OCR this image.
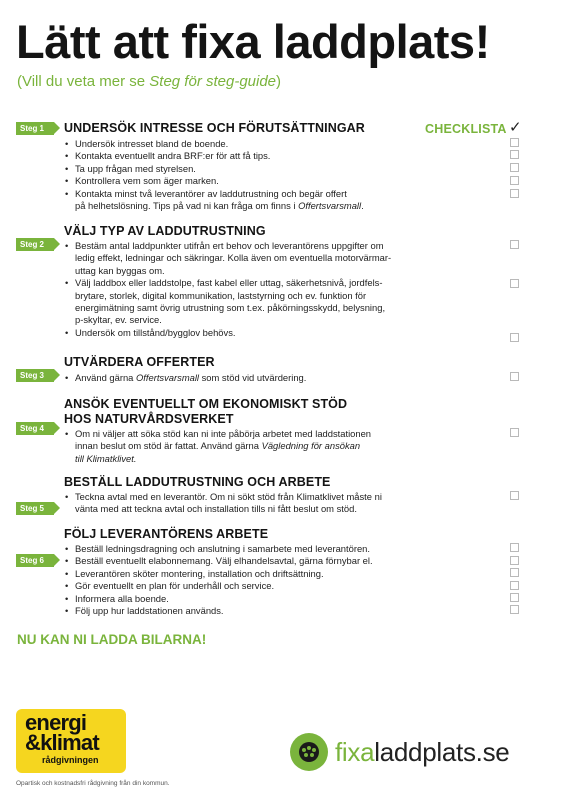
Lätt att fixa laddplats!
(Vill du veta mer se Steg för steg-guide)
CHECKLISTA ✓
Steg 1	UNDERSÖK INTRESSE OCH FÖRUTSÄTTNINGAR
• Undersök intresset bland de boende.
• Kontakta eventuellt andra BRF:er för att få tips.
• Ta upp frågan med styrelsen.
• Kontrollera vem som äger marken.
• Kontakta minst två leverantörer av laddutrustning och begär offert
på helhetslösning. Tips på vad ni kan fråga om finns i Offertsvarsmall.
Steg 2
VÄLJ TYP AV LADDUTRUSTNING
• Bestäm antal laddpunkter utifrån ert behov och leverantörens uppgifter om
ledig effekt, ledningar och säkringar. Kolla även om eventuella motorvärmar-
uttag kan byggas om.
• Välj laddbox eller laddstolpe, fast kabel eller uttag, säkerhetsnivå, jordfels-
brytare, storlek, digital kommunikation, laststyrning och ev. funktion för
energimätning samt övrig utrustning som t.ex. påkörningsskydd, belysning,
p-skyltar, ev. service.
• Undersök om tillstånd/bygglov behövs.
Steg 3
UTVÄRDERA OFFERTER
• Använd gärna Offertsvarsmall som stöd vid utvärdering.
Steg 4
ANSÖK EVENTUELLT OM EKONOMISKT STÖD
HOS NATURVÅRDSVERKET
• Om ni väljer att söka stöd kan ni inte påbörja arbetet med laddstationen
innan beslut om stöd är fattat. Använd gärna Vägledning för ansökan
till Klimatklivet.
Steg 5
BESTÄLL LADDUTRUSTNING OCH ARBETE
• Teckna avtal med en leverantör. Om ni sökt stöd från Klimatklivet måste ni
vänta med att teckna avtal och installation tills ni fått beslut om stöd.
Steg 6
FÖLJ LEVERANTÖRENS ARBETE
• Beställ ledningsdragning och anslutning i samarbete med leverantören.
• Beställ eventuellt elabonnemang. Välj elhandelsavtal, gärna förnybar el.
• Leverantören sköter montering, installation och driftsättning.
• Gör eventuellt en plan för underhåll och service.
• Informera alla boende.
• Följ upp hur laddstationen används.
NU KAN NI LADDA BILARNA!
energi
&klimat
rådgivningen
Opartisk och kostnadsfri rådgivning från din kommun.
fixaladdplats.se
